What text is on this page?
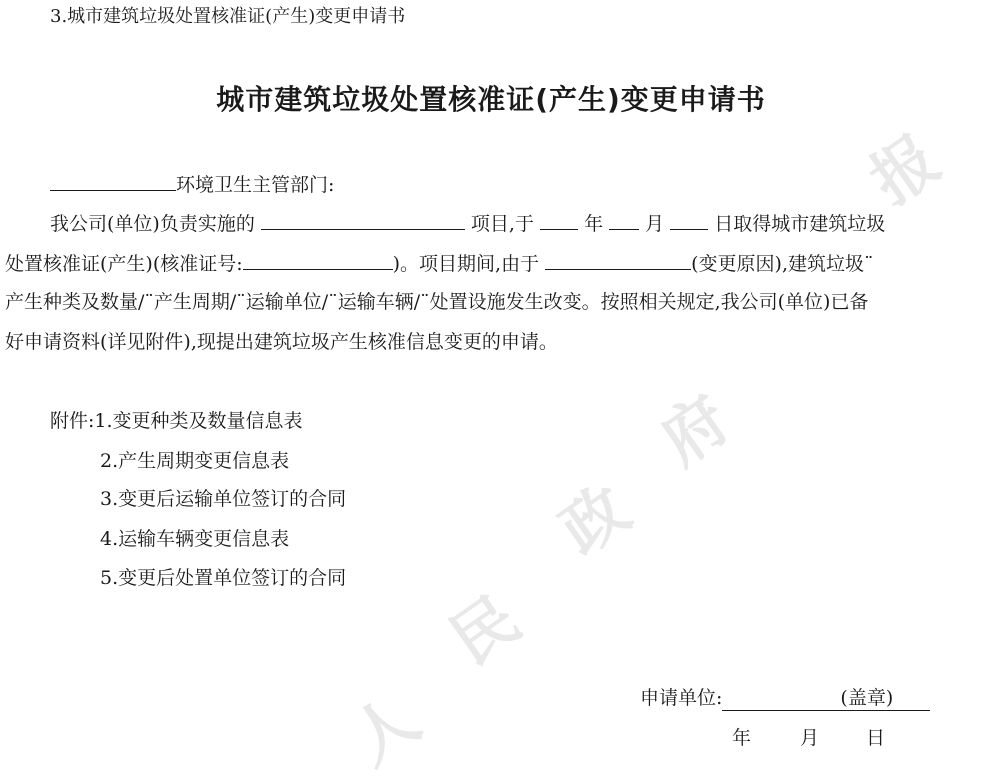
报
府
政
民
人
3.城市建筑垃圾处置核准证(产生)变更申请书
城市建筑垃圾处置核准证(产生)变更申请书
环境卫生主管部门:
我公司(单位)负责实施的	项目,于	年 月	日取得城市建筑垃圾
处置核准证(产生)(核准证号:	)。项目期间,由于	(变更原因),建筑垃圾¨
产生种类及数量/¨产生周期/¨运输单位/¨运输车辆/¨处置设施发生改变。按照相关规定,我公司(单位)已备
好申请资料(详见附件),现提出建筑垃圾产生核准信息变更的申请。
附件:1.变更种类及数量信息表
2.产生周期变更信息表
3.变更后运输单位签订的合同
4.运输车辆变更信息表
5.变更后处置单位签订的合同
申请单位:	(盖章)
年	月 日
